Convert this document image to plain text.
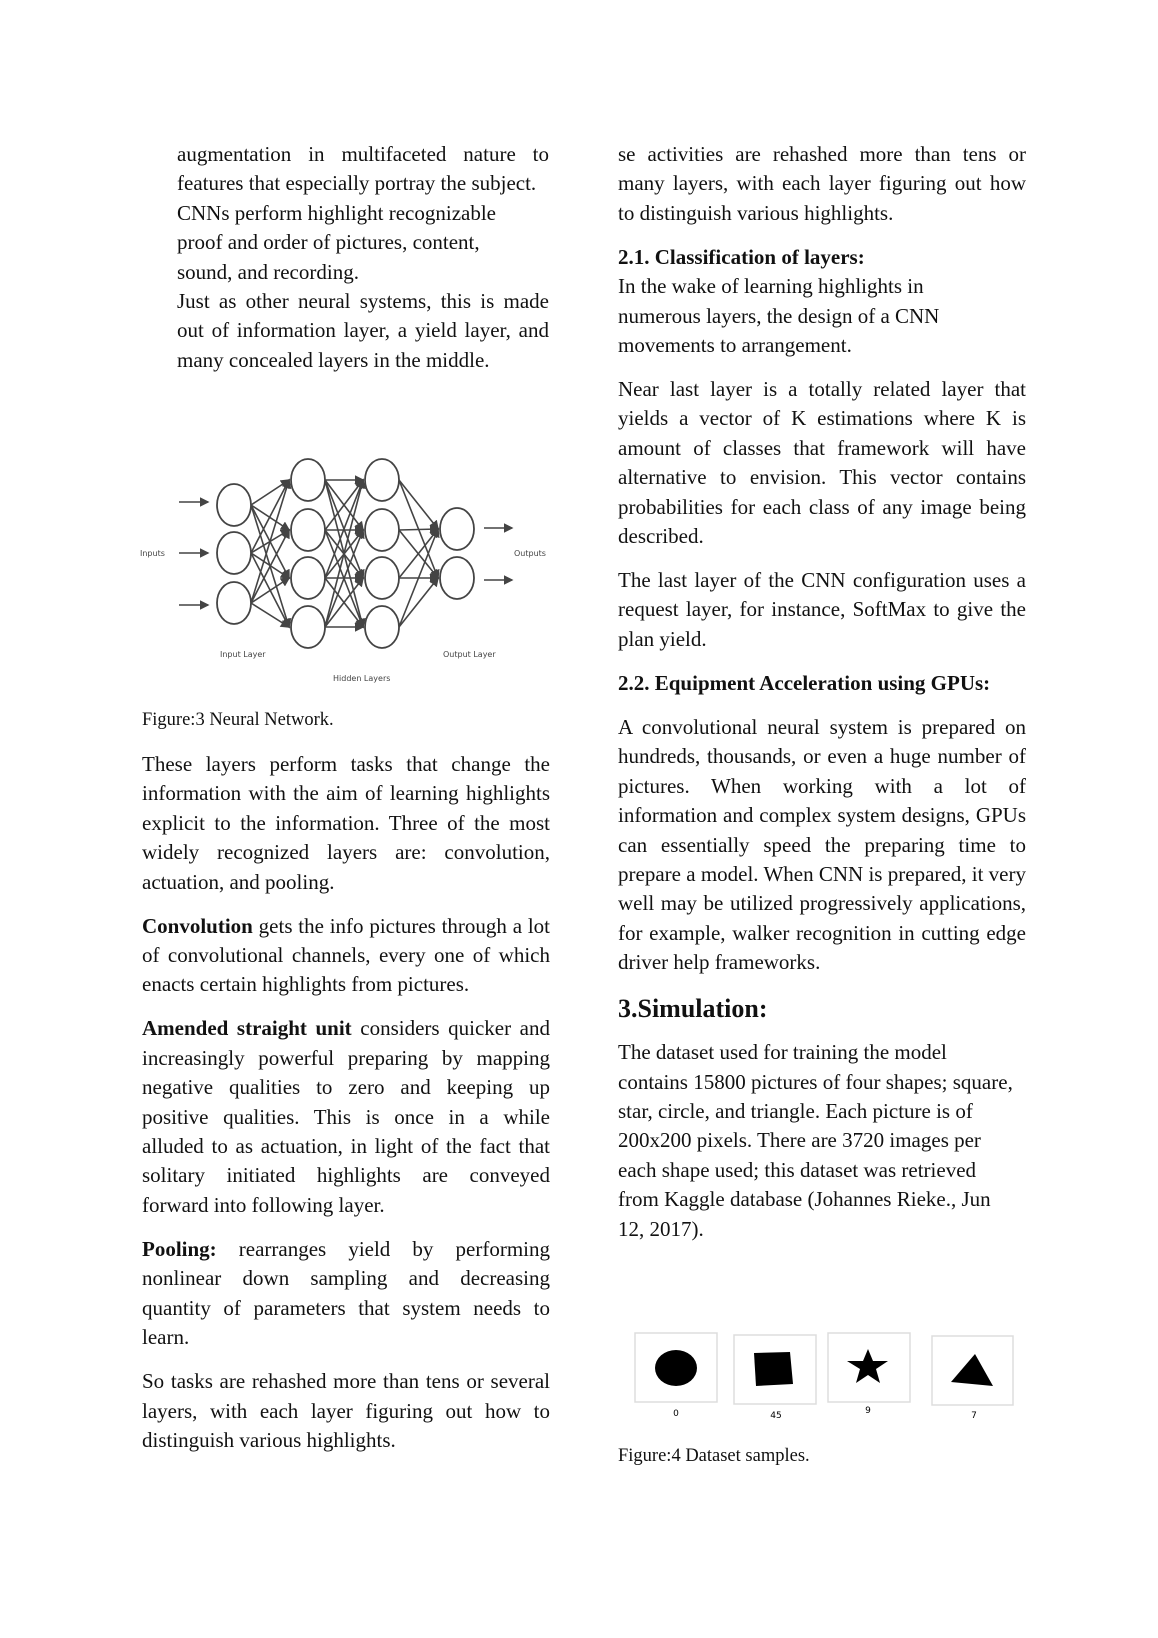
augmentation in multifaceted nature to features that especially portray the subject.

CNNs perform highlight recognizable proof and order of pictures, content, sound, and recording.

Just as other neural systems, this is made out of information layer, a yield layer, and many concealed layers in the middle.

Inputs	Outputs
Input Layer
Hidden Layers
Output Layer
Figure:3 Neural Network.

These layers perform tasks that change the information with the aim of learning highlights explicit to the information. Three of the most widely recognized layers are: convolution, actuation, and pooling.

Convolution gets the info pictures through a lot of convolutional channels, every one of which enacts certain highlights from pictures.

Amended straight unit considers quicker and increasingly powerful preparing by mapping negative qualities to zero and keeping up positive qualities. This is once in a while alluded to as actuation, in light of the fact that solitary initiated highlights are conveyed forward into following layer.

Pooling: rearranges yield by performing nonlinear down sampling and decreasing quantity of parameters that system needs to learn.

So tasks are rehashed more than tens or several layers, with each layer figuring out how to distinguish various highlights.

se activities are rehashed more than tens or many layers, with each layer figuring out how to distinguish various highlights.

2.1. Classification of layers:

In the wake of learning highlights in numerous layers, the design of a CNN movements to arrangement.

Near last layer is a totally related layer that yields a vector of K estimations where K is amount of classes that framework will have alternative to envision. This vector contains probabilities for each class of any image being described.

The last layer of the CNN configuration uses a request layer, for instance, SoftMax to give the plan yield.

2.2. Equipment Acceleration using GPUs:

A convolutional neural system is prepared on hundreds, thousands, or even a huge number of pictures. When working with a lot of information and complex system designs, GPUs can essentially speed the preparing time to prepare a model. When CNN is prepared, it very well may be utilized progressively applications, for example, walker recognition in cutting edge driver help frameworks.

3.Simulation:

The dataset used for training the model contains 15800 pictures of four shapes; square, star, circle, and triangle. Each picture is of 200x200 pixels. There are 3720 images per each shape used; this dataset was retrieved from Kaggle database (Johannes Rieke., Jun 12, 2017).

0	45	9	7
Figure:4 Dataset samples.
